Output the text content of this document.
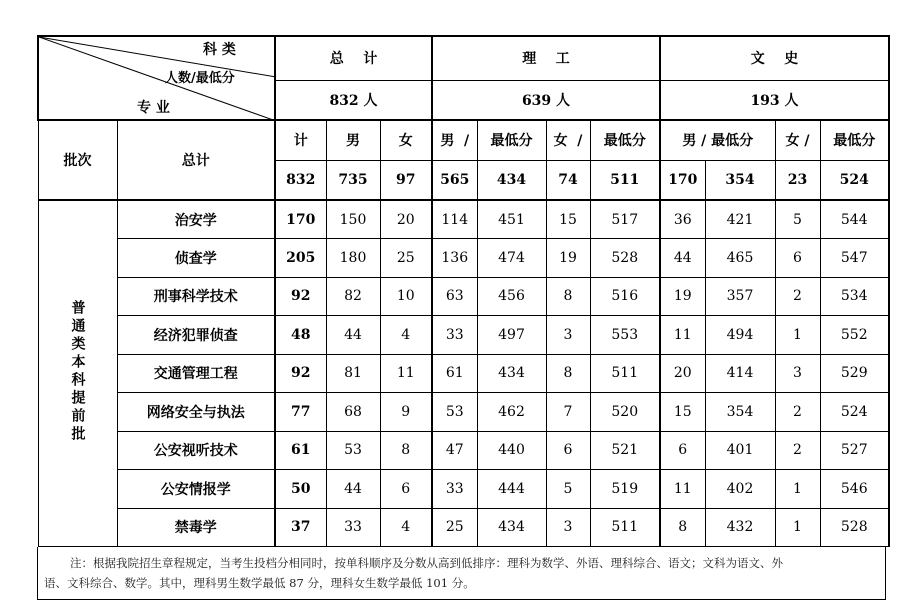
科 类
人数/最低分
专 业		总    计			理    工				文    史			
		832 人			639 人				193 人			
批次	总计	计	男	女	男  /	最低分	女  /	最低分	男 / 最低分		女 /	最低分
		832	735	97	565	434	74	511	170	354	23	524
普通类本科提前批	治安学	170	150	20	114	451	15	517	36	421	5	544
	侦查学	205	180	25	136	474	19	528	44	465	6	547
	刑事科学技术	92	82	10	63	456	8	516	19	357	2	534
	经济犯罪侦查	48	44	4	33	497	3	553	11	494	1	552
	交通管理工程	92	81	11	61	434	8	511	20	414	3	529
	网络安全与执法	77	68	9	53	462	7	520	15	354	2	524
	公安视听技术	61	53	8	47	440	6	521	6	401	2	527
	公安情报学	50	44	6	33	444	5	519	11	402	1	546
	禁毒学	37	33	4	25	434	3	511	8	432	1	528
注：根据我院招生章程规定，当考生投档分相同时，按单科顺序及分数从高到低排序：理科为数学、外语、理科综合、语文；文科为语文、外
语、文科综合、数学。其中，理科男生数学最低 87 分，理科女生数学最低 101 分。
